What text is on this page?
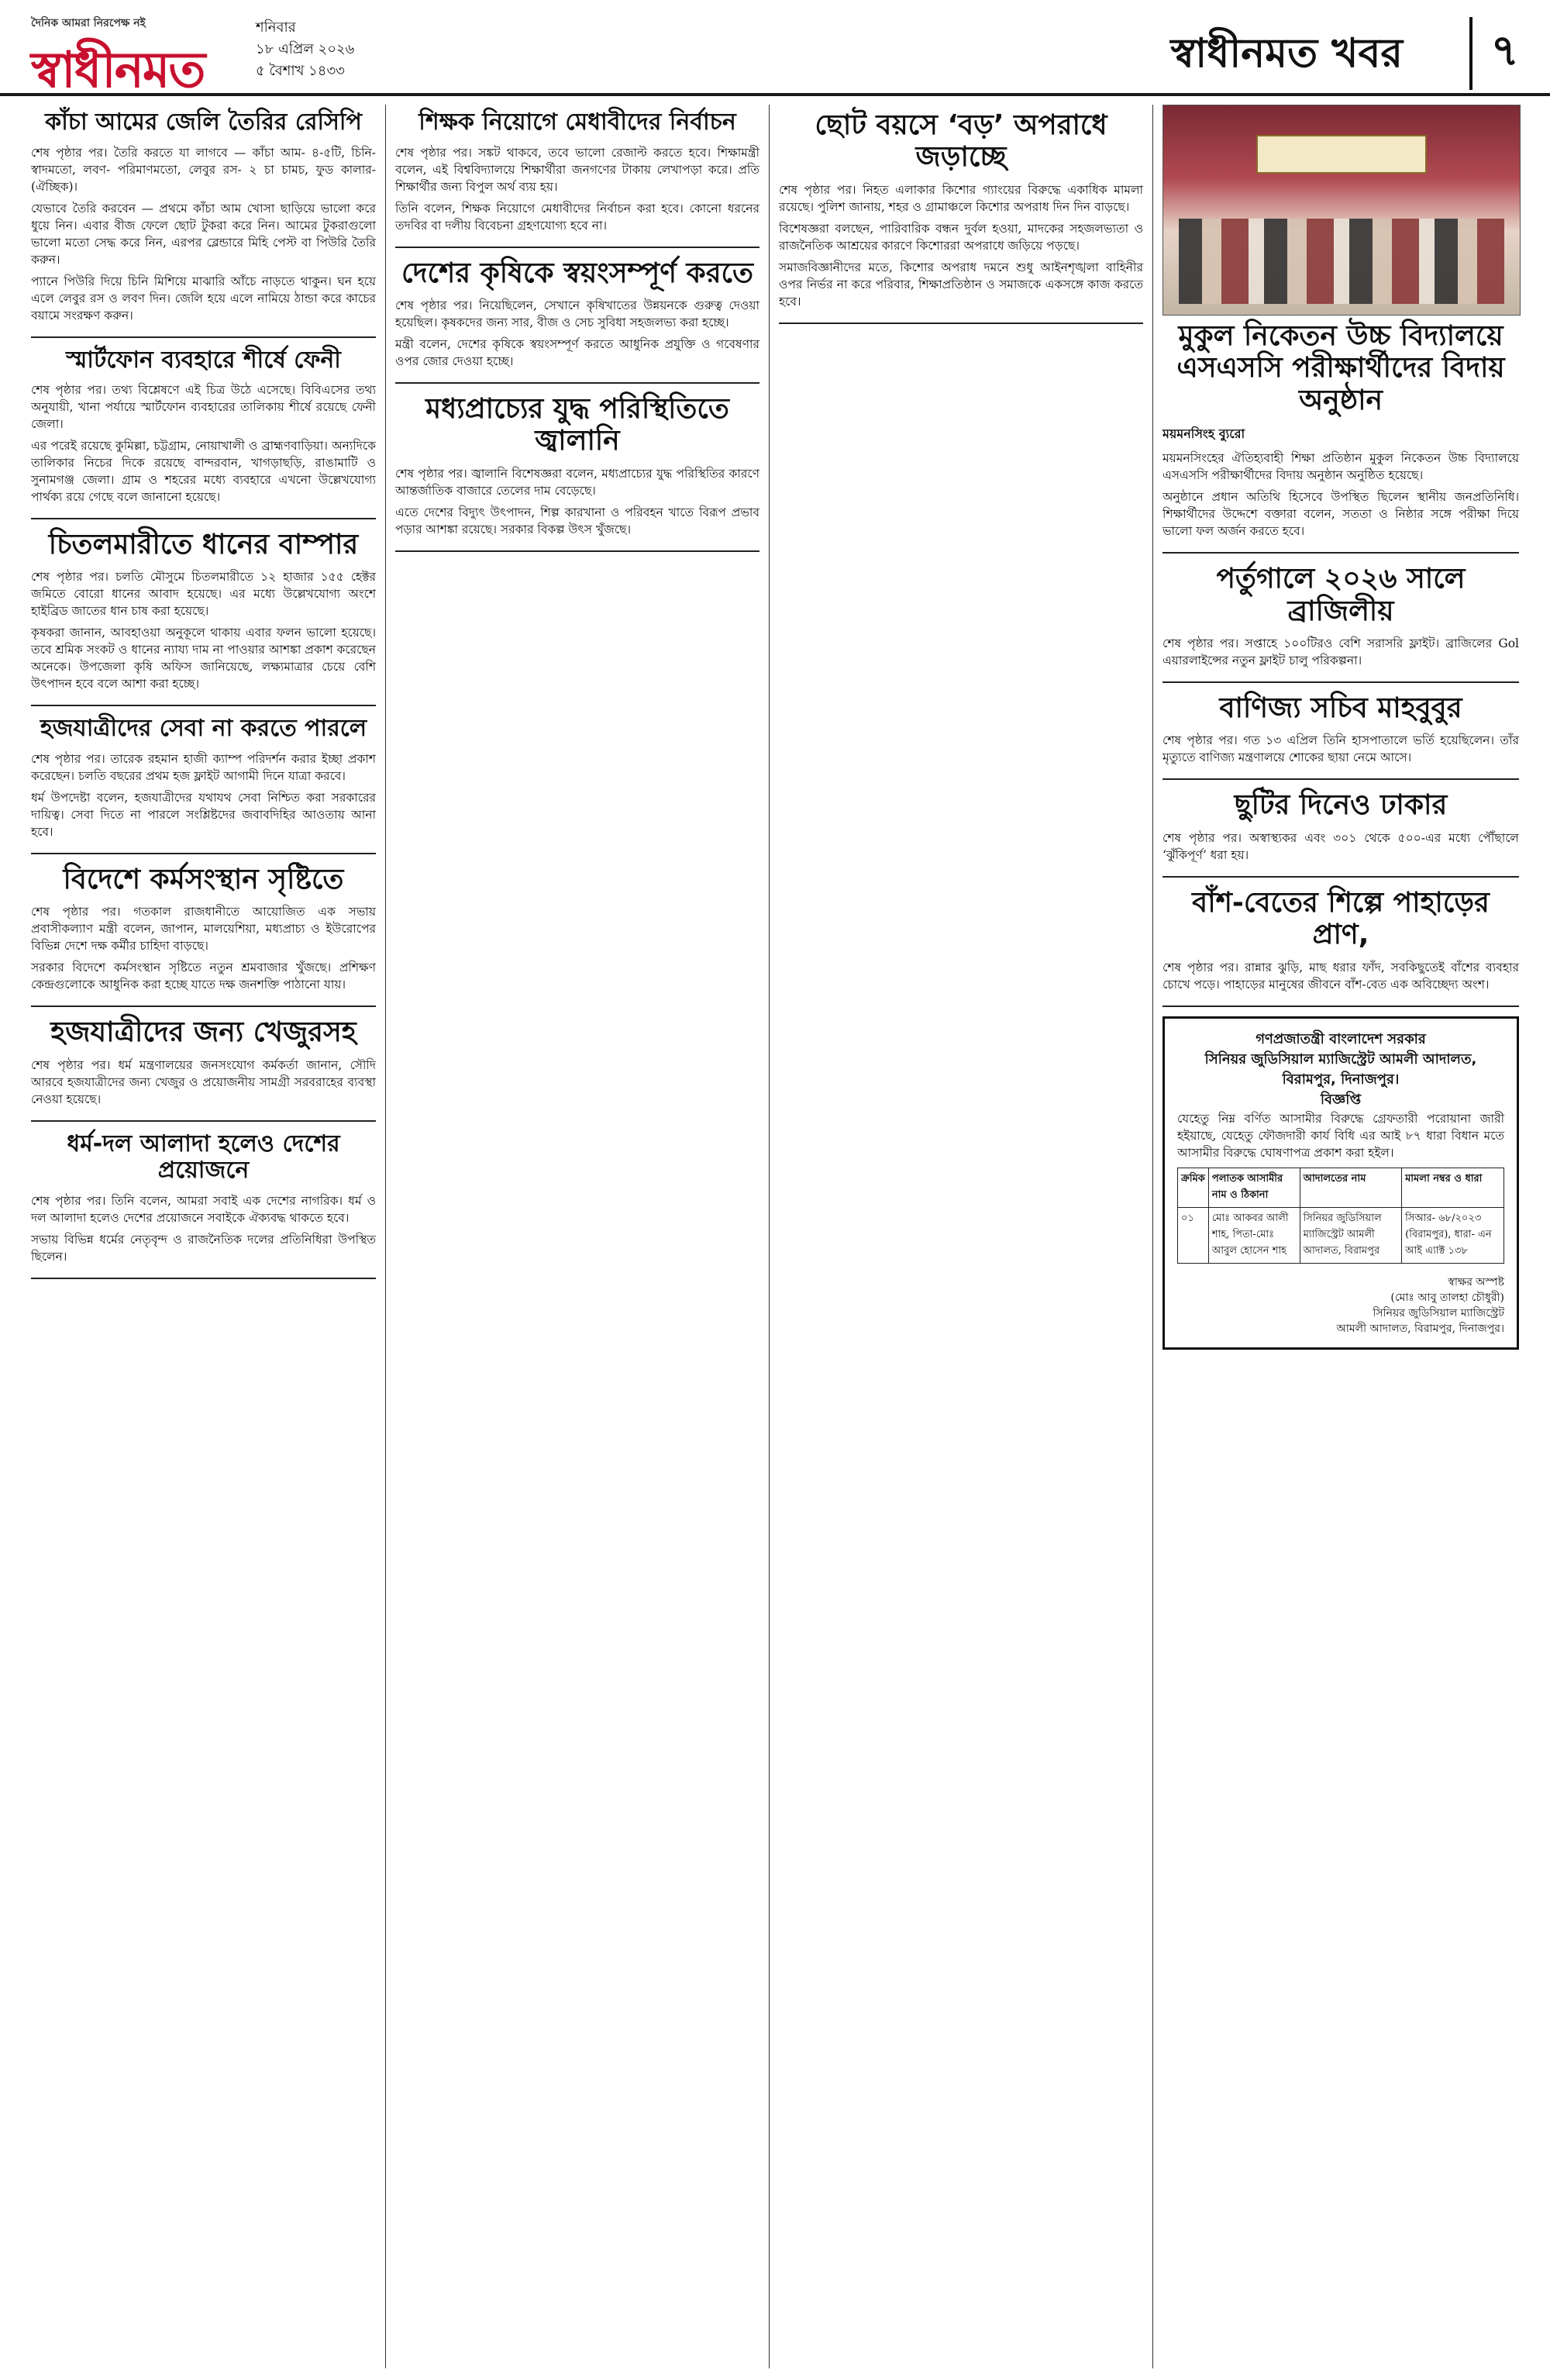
দৈনিক আমরা নিরপেক্ষ নই
স্বাধীনমত
শনিবার
১৮ এপ্রিল ২০২৬
৫ বৈশাখ ১৪৩৩	স্বাধীনমত খবর	৭
কাঁচা আমের জেলি তৈরির রেসিপি

শেষ পৃষ্ঠার পর। তৈরি করতে যা লাগবে — কাঁচা আম- ৪-৫টি, চিনি- স্বাদমতো, লবণ- পরিমাণমতো, লেবুর রস- ২ চা চামচ, ফুড কালার- (ঐচ্ছিক)।

যেভাবে তৈরি করবেন — প্রথমে কাঁচা আম খোসা ছাড়িয়ে ভালো করে ধুয়ে নিন। এবার বীজ ফেলে ছোট টুকরা করে নিন। আমের টুকরাগুলো ভালো মতো সেদ্ধ করে নিন, এরপর ব্লেন্ডারে মিহি পেস্ট বা পিউরি তৈরি করুন।

প্যানে পিউরি দিয়ে চিনি মিশিয়ে মাঝারি আঁচে নাড়তে থাকুন। ঘন হয়ে এলে লেবুর রস ও লবণ দিন। জেলি হয়ে এলে নামিয়ে ঠান্ডা করে কাচের বয়ামে সংরক্ষণ করুন।

স্মার্টফোন ব্যবহারে শীর্ষে ফেনী

শেষ পৃষ্ঠার পর। তথ্য বিশ্লেষণে এই চিত্র উঠে এসেছে। বিবিএসের তথ্য অনুযায়ী, খানা পর্যায়ে স্মার্টফোন ব্যবহারের তালিকায় শীর্ষে রয়েছে ফেনী জেলা।

এর পরেই রয়েছে কুমিল্লা, চট্টগ্রাম, নোয়াখালী ও ব্রাহ্মণবাড়িয়া। অন্যদিকে তালিকার নিচের দিকে রয়েছে বান্দরবান, খাগড়াছড়ি, রাঙামাটি ও সুনামগঞ্জ জেলা। গ্রাম ও শহরের মধ্যে ব্যবহারে এখনো উল্লেখযোগ্য পার্থক্য রয়ে গেছে বলে জানানো হয়েছে।

চিতলমারীতে ধানের বাম্পার

শেষ পৃষ্ঠার পর। চলতি মৌসুমে চিতলমারীতে ১২ হাজার ১৫৫ হেক্টর জমিতে বোরো ধানের আবাদ হয়েছে। এর মধ্যে উল্লেখযোগ্য অংশে হাইব্রিড জাতের ধান চাষ করা হয়েছে।

কৃষকরা জানান, আবহাওয়া অনুকূলে থাকায় এবার ফলন ভালো হয়েছে। তবে শ্রমিক সংকট ও ধানের ন্যায্য দাম না পাওয়ার আশঙ্কা প্রকাশ করেছেন অনেকে। উপজেলা কৃষি অফিস জানিয়েছে, লক্ষ্যমাত্রার চেয়ে বেশি উৎপাদন হবে বলে আশা করা হচ্ছে।

হজযাত্রীদের সেবা না করতে পারলে

শেষ পৃষ্ঠার পর। তারেক রহমান হাজী ক্যাম্প পরিদর্শন করার ইচ্ছা প্রকাশ করেছেন। চলতি বছরের প্রথম হজ ফ্লাইট আগামী দিনে যাত্রা করবে।

ধর্ম উপদেষ্টা বলেন, হজযাত্রীদের যথাযথ সেবা নিশ্চিত করা সরকারের দায়িত্ব। সেবা দিতে না পারলে সংশ্লিষ্টদের জবাবদিহির আওতায় আনা হবে।

বিদেশে কর্মসংস্থান সৃষ্টিতে

শেষ পৃষ্ঠার পর। গতকাল রাজধানীতে আয়োজিত এক সভায় প্রবাসীকল্যাণ মন্ত্রী বলেন, জাপান, মালয়েশিয়া, মধ্যপ্রাচ্য ও ইউরোপের বিভিন্ন দেশে দক্ষ কর্মীর চাহিদা বাড়ছে।

সরকার বিদেশে কর্মসংস্থান সৃষ্টিতে নতুন শ্রমবাজার খুঁজছে। প্রশিক্ষণ কেন্দ্রগুলোকে আধুনিক করা হচ্ছে যাতে দক্ষ জনশক্তি পাঠানো যায়।

হজযাত্রীদের জন্য খেজুরসহ

শেষ পৃষ্ঠার পর। ধর্ম মন্ত্রণালয়ের জনসংযোগ কর্মকর্তা জানান, সৌদি আরবে হজযাত্রীদের জন্য খেজুর ও প্রয়োজনীয় সামগ্রী সরবরাহের ব্যবস্থা নেওয়া হয়েছে।

ধর্ম-দল আলাদা হলেও দেশের প্রয়োজনে

শেষ পৃষ্ঠার পর। তিনি বলেন, আমরা সবাই এক দেশের নাগরিক। ধর্ম ও দল আলাদা হলেও দেশের প্রয়োজনে সবাইকে ঐক্যবদ্ধ থাকতে হবে।

সভায় বিভিন্ন ধর্মের নেতৃবৃন্দ ও রাজনৈতিক দলের প্রতিনিধিরা উপস্থিত ছিলেন।

শিক্ষক নিয়োগে মেধাবীদের নির্বাচন

শেষ পৃষ্ঠার পর। সঙ্কট থাকবে, তবে ভালো রেজাল্ট করতে হবে। শিক্ষামন্ত্রী বলেন, এই বিশ্ববিদ্যালয়ে শিক্ষার্থীরা জনগণের টাকায় লেখাপড়া করে। প্রতি শিক্ষার্থীর জন্য বিপুল অর্থ ব্যয় হয়।

তিনি বলেন, শিক্ষক নিয়োগে মেধাবীদের নির্বাচন করা হবে। কোনো ধরনের তদবির বা দলীয় বিবেচনা গ্রহণযোগ্য হবে না।

দেশের কৃষিকে স্বয়ংসম্পূর্ণ করতে

শেষ পৃষ্ঠার পর। নিয়েছিলেন, সেখানে কৃষিখাতের উন্নয়নকে গুরুত্ব দেওয়া হয়েছিল। কৃষকদের জন্য সার, বীজ ও সেচ সুবিধা সহজলভ্য করা হচ্ছে।

মন্ত্রী বলেন, দেশের কৃষিকে স্বয়ংসম্পূর্ণ করতে আধুনিক প্রযুক্তি ও গবেষণার ওপর জোর দেওয়া হচ্ছে।

মধ্যপ্রাচ্যের যুদ্ধ পরিস্থিতিতে জ্বালানি

শেষ পৃষ্ঠার পর। জ্বালানি বিশেষজ্ঞরা বলেন, মধ্যপ্রাচ্যের যুদ্ধ পরিস্থিতির কারণে আন্তর্জাতিক বাজারে তেলের দাম বেড়েছে।

এতে দেশের বিদ্যুৎ উৎপাদন, শিল্প কারখানা ও পরিবহন খাতে বিরূপ প্রভাব পড়ার আশঙ্কা রয়েছে। সরকার বিকল্প উৎস খুঁজছে।

ছোট বয়সে ‘বড়’ অপরাধে জড়াচ্ছে

শেষ পৃষ্ঠার পর। নিহত এলাকার কিশোর গ্যাংয়ের বিরুদ্ধে একাধিক মামলা রয়েছে। পুলিশ জানায়, শহর ও গ্রামাঞ্চলে কিশোর অপরাধ দিন দিন বাড়ছে।

বিশেষজ্ঞরা বলছেন, পারিবারিক বন্ধন দুর্বল হওয়া, মাদকের সহজলভ্যতা ও রাজনৈতিক আশ্রয়ের কারণে কিশোররা অপরাধে জড়িয়ে পড়ছে।

সমাজবিজ্ঞানীদের মতে, কিশোর অপরাধ দমনে শুধু আইনশৃঙ্খলা বাহিনীর ওপর নির্ভর না করে পরিবার, শিক্ষাপ্রতিষ্ঠান ও সমাজকে একসঙ্গে কাজ করতে হবে।

মুকুল নিকেতন উচ্চ বিদ্যালয়ে এসএসসি পরীক্ষার্থীদের বিদায় অনুষ্ঠান
ময়মনসিংহ ব্যুরো

ময়মনসিংহের ঐতিহ্যবাহী শিক্ষা প্রতিষ্ঠান মুকুল নিকেতন উচ্চ বিদ্যালয়ে এসএসসি পরীক্ষার্থীদের বিদায় অনুষ্ঠান অনুষ্ঠিত হয়েছে।

অনুষ্ঠানে প্রধান অতিথি হিসেবে উপস্থিত ছিলেন স্থানীয় জনপ্রতিনিধি। শিক্ষার্থীদের উদ্দেশে বক্তারা বলেন, সততা ও নিষ্ঠার সঙ্গে পরীক্ষা দিয়ে ভালো ফল অর্জন করতে হবে।

পর্তুগালে ২০২৬ সালে ব্রাজিলীয়

শেষ পৃষ্ঠার পর। সপ্তাহে ১০০টিরও বেশি সরাসরি ফ্লাইট। ব্রাজিলের Gol এয়ারলাইন্সের নতুন ফ্লাইট চালু পরিকল্পনা।

বাণিজ্য সচিব মাহবুবুর

শেষ পৃষ্ঠার পর। গত ১৩ এপ্রিল তিনি হাসপাতালে ভর্তি হয়েছিলেন। তাঁর মৃত্যুতে বাণিজ্য মন্ত্রণালয়ে শোকের ছায়া নেমে আসে।

ছুটির দিনেও ঢাকার

শেষ পৃষ্ঠার পর। অস্বাস্থ্যকর এবং ৩০১ থেকে ৫০০-এর মধ্যে পৌঁছালে ‘ঝুঁকিপূর্ণ’ ধরা হয়।

বাঁশ-বেতের শিল্পে পাহাড়ের প্রাণ,

শেষ পৃষ্ঠার পর। রান্নার ঝুড়ি, মাছ ধরার ফাঁদ, সবকিছুতেই বাঁশের ব্যবহার চোখে পড়ে। পাহাড়ের মানুষের জীবনে বাঁশ-বেত এক অবিচ্ছেদ্য অংশ।

গণপ্রজাতন্ত্রী বাংলাদেশ সরকার
সিনিয়র জুডিসিয়াল ম্যাজিস্ট্রেট আমলী আদালত,
বিরামপুর, দিনাজপুর।
বিজ্ঞপ্তি
যেহেতু নিম্ন বর্ণিত আসামীর বিরুদ্ধে গ্রেফতারী পরোয়ানা জারী হইয়াছে, যেহেতু ফৌজদারী কার্য বিধি এর আই ৮৭ ধারা বিধান মতে আসামীর বিরুদ্ধে ঘোষণাপত্র প্রকাশ করা হইল।
ক্রমিক	পলাতক আসামীর নাম ও ঠিকানা	আদালতের নাম	মামলা নম্বর ও ধারা
০১	মোঃ আকবর আলী শাহ, পিতা-মোঃ আবুল হোসেন শাহ	সিনিয়র জুডিসিয়াল ম্যাজিস্ট্রেট আমলী আদালত, বিরামপুর	সিআর- ৬৮/২০২৩ (বিরামপুর), ধারা- এন আই এ্যাক্ট ১৩৮
স্বাক্ষর অস্পষ্ট
(মোঃ আবু তালহা চৌধুরী)
সিনিয়র জুডিসিয়াল ম্যাজিস্ট্রেট
আমলী আদালত, বিরামপুর, দিনাজপুর।
